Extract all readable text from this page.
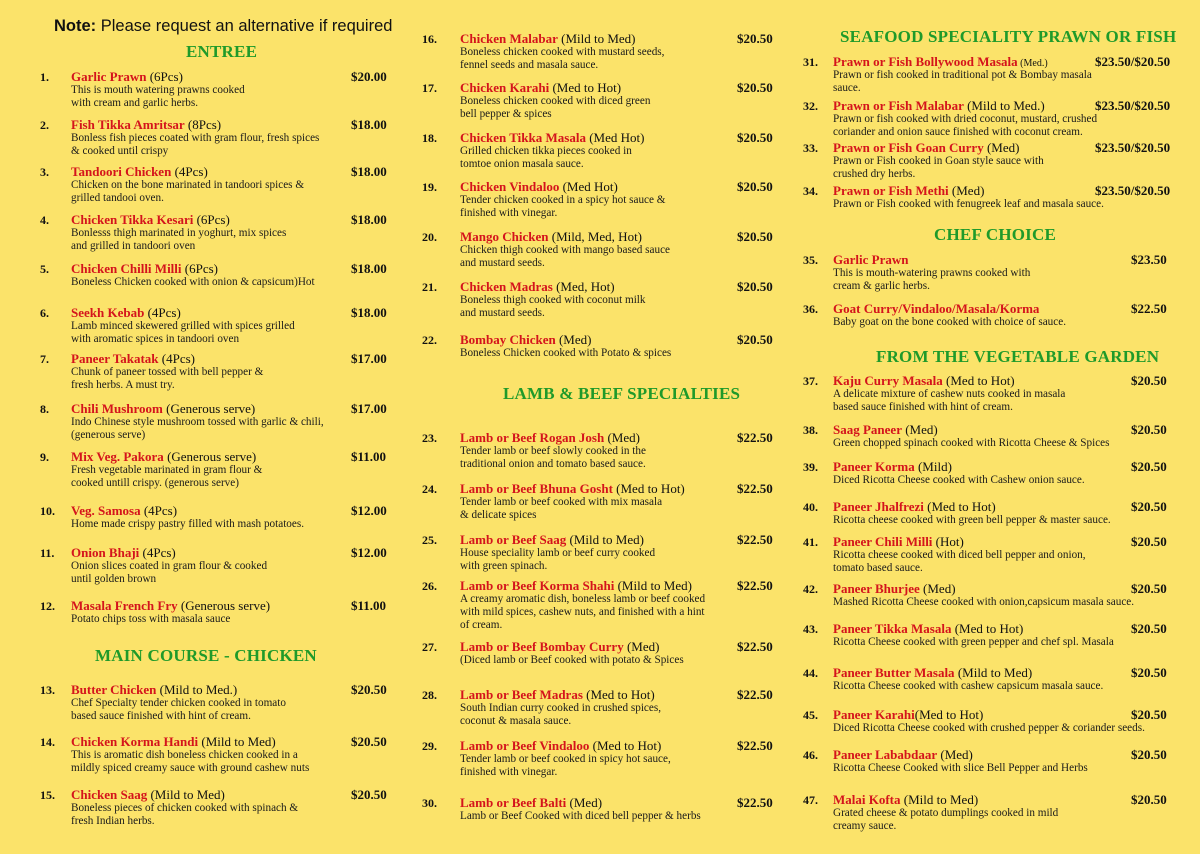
Note: Please request an alternative if required
ENTREE
MAIN COURSE - CHICKEN
LAMB & BEEF SPECIALTIES
SEAFOOD SPECIALITY PRAWN OR FISH
CHEF CHOICE
FROM THE VEGETABLE GARDEN
1. Garlic Prawn (6Pcs)	$20.00
This is mouth watering prawns cooked
with cream and garlic herbs.
2. Fish Tikka Amritsar (8Pcs)	$18.00
Bonless fish pieces coated with gram flour, fresh spices
& cooked until crispy
3. Tandoori Chicken (4Pcs)	$18.00
Chicken on the bone marinated in tandoori spices &
grilled tandooi oven.
4. Chicken Tikka Kesari (6Pcs)	$18.00
Bonlesss thigh marinated in yoghurt, mix spices
and grilled in tandoori oven
5. Chicken Chilli Milli (6Pcs)	$18.00
Boneless Chicken cooked with onion & capsicum)Hot
6. Seekh Kebab (4Pcs)	$18.00
Lamb minced skewered grilled with spices grilled
with aromatic spices in tandoori oven
7. Paneer Takatak (4Pcs)	$17.00
Chunk of paneer tossed with bell pepper &
fresh herbs. A must try.
8. Chili Mushroom (Generous serve)	$17.00
Indo Chinese style mushroom tossed with garlic & chili,
(generous serve)
9. Mix Veg. Pakora (Generous serve)	$11.00
Fresh vegetable marinated in gram flour &
cooked untill crispy. (generous serve)
10. Veg. Samosa (4Pcs)	$12.00
Home made crispy pastry filled with mash potatoes.
11. Onion Bhaji (4Pcs)	$12.00
Onion slices coated in gram flour & cooked
until golden brown
12. Masala French Fry (Generous serve)	$11.00
Potato chips toss with masala sauce
13. Butter Chicken (Mild to Med.)	$20.50
Chef Specialty tender chicken cooked in tomato
based sauce finished with hint of cream.
14. Chicken Korma Handi (Mild to Med)	$20.50
This is aromatic dish boneless chicken cooked in a
mildly spiced creamy sauce with ground cashew nuts
15. Chicken Saag (Mild to Med)	$20.50
Boneless pieces of chicken cooked with spinach &
fresh Indian herbs.
16. Chicken Malabar (Mild to Med)	$20.50
Boneless chicken cooked with mustard seeds,
fennel seeds and masala sauce.
17. Chicken Karahi (Med to Hot)	$20.50
Boneless chicken cooked with diced green
bell pepper & spices
18. Chicken Tikka Masala (Med Hot)	$20.50
Grilled chicken tikka pieces cooked in
tomtoe onion masala sauce.
19. Chicken Vindaloo (Med Hot)	$20.50
Tender chicken cooked in a spicy hot sauce &
finished with vinegar.
20. Mango Chicken (Mild, Med, Hot)	$20.50
Chicken thigh cooked with mango based sauce
and mustard seeds.
21. Chicken Madras (Med, Hot)	$20.50
Boneless thigh cooked with coconut milk
and mustard seeds.
22. Bombay Chicken (Med)	$20.50
Boneless Chicken cooked with Potato & spices
23. Lamb or Beef Rogan Josh (Med)	$22.50
Tender lamb or beef slowly cooked in the
traditional onion and tomato based sauce.
24. Lamb or Beef Bhuna Gosht (Med to Hot)	$22.50
Tender lamb or beef cooked with mix masala
& delicate spices
25. Lamb or Beef Saag (Mild to Med)	$22.50
House speciality lamb or beef curry cooked
with green spinach.
26. Lamb or Beef Korma Shahi (Mild to Med)	$22.50
A creamy aromatic dish, boneless lamb or beef cooked
with mild spices, cashew nuts, and finished with a hint
of cream.
27. Lamb or Beef Bombay Curry (Med)	$22.50
(Diced lamb or Beef cooked with potato & Spices
28. Lamb or Beef Madras (Med to Hot)	$22.50
South Indian curry cooked in crushed spices,
coconut & masala sauce.
29. Lamb or Beef Vindaloo (Med to Hot)	$22.50
Tender lamb or beef cooked in spicy hot sauce,
finished with vinegar.
30. Lamb or Beef Balti (Med)	$22.50
Lamb or Beef Cooked with diced bell pepper & herbs
31. Prawn or Fish Bollywood Masala (Med.)	$23.50/$20.50
Prawn or fish cooked in traditional pot & Bombay masala
sauce.
32. Prawn or Fish Malabar (Mild to Med.)	$23.50/$20.50
Prawn or fish cooked with dried coconut, mustard, crushed
coriander and onion sauce finished with coconut cream.
33. Prawn or Fish Goan Curry (Med)	$23.50/$20.50
Prawn or Fish cooked in Goan style sauce with
crushed dry herbs.
34. Prawn or Fish Methi (Med)	$23.50/$20.50
Prawn or Fish cooked with fenugreek leaf and masala sauce.
35. Garlic Prawn	$23.50
This is mouth-watering prawns cooked with
cream & garlic herbs.
36. Goat Curry/Vindaloo/Masala/Korma	$22.50
Baby goat on the bone cooked with choice of sauce.
37. Kaju Curry Masala (Med to Hot)	$20.50
A delicate mixture of cashew nuts cooked in masala
based sauce finished with hint of cream.
38. Saag Paneer (Med)	$20.50
Green chopped spinach cooked with Ricotta Cheese & Spices
39. Paneer Korma (Mild)	$20.50
Diced Ricotta Cheese cooked with Cashew onion sauce.
40. Paneer Jhalfrezi (Med to Hot)	$20.50
Ricotta cheese cooked with green bell pepper & master sauce.
41. Paneer Chili Milli (Hot)	$20.50
Ricotta cheese cooked with diced bell pepper and onion,
tomato based sauce.
42. Paneer Bhurjee (Med)	$20.50
Mashed Ricotta Cheese cooked with onion,capsicum masala sauce.
43. Paneer Tikka Masala (Med to Hot)	$20.50
Ricotta Cheese cooked with green pepper and chef spl. Masala
44. Paneer Butter Masala (Mild to Med)	$20.50
Ricotta Cheese cooked with cashew capsicum masala sauce.
45. Paneer Karahi(Med to Hot)	$20.50
Diced Ricotta Cheese cooked with crushed pepper & coriander seeds.
46. Paneer Lababdaar (Med)	$20.50
Ricotta Cheese Cooked with slice Bell Pepper and Herbs
47. Malai Kofta (Mild to Med)	$20.50
Grated cheese & potato dumplings cooked in mild
creamy sauce.
